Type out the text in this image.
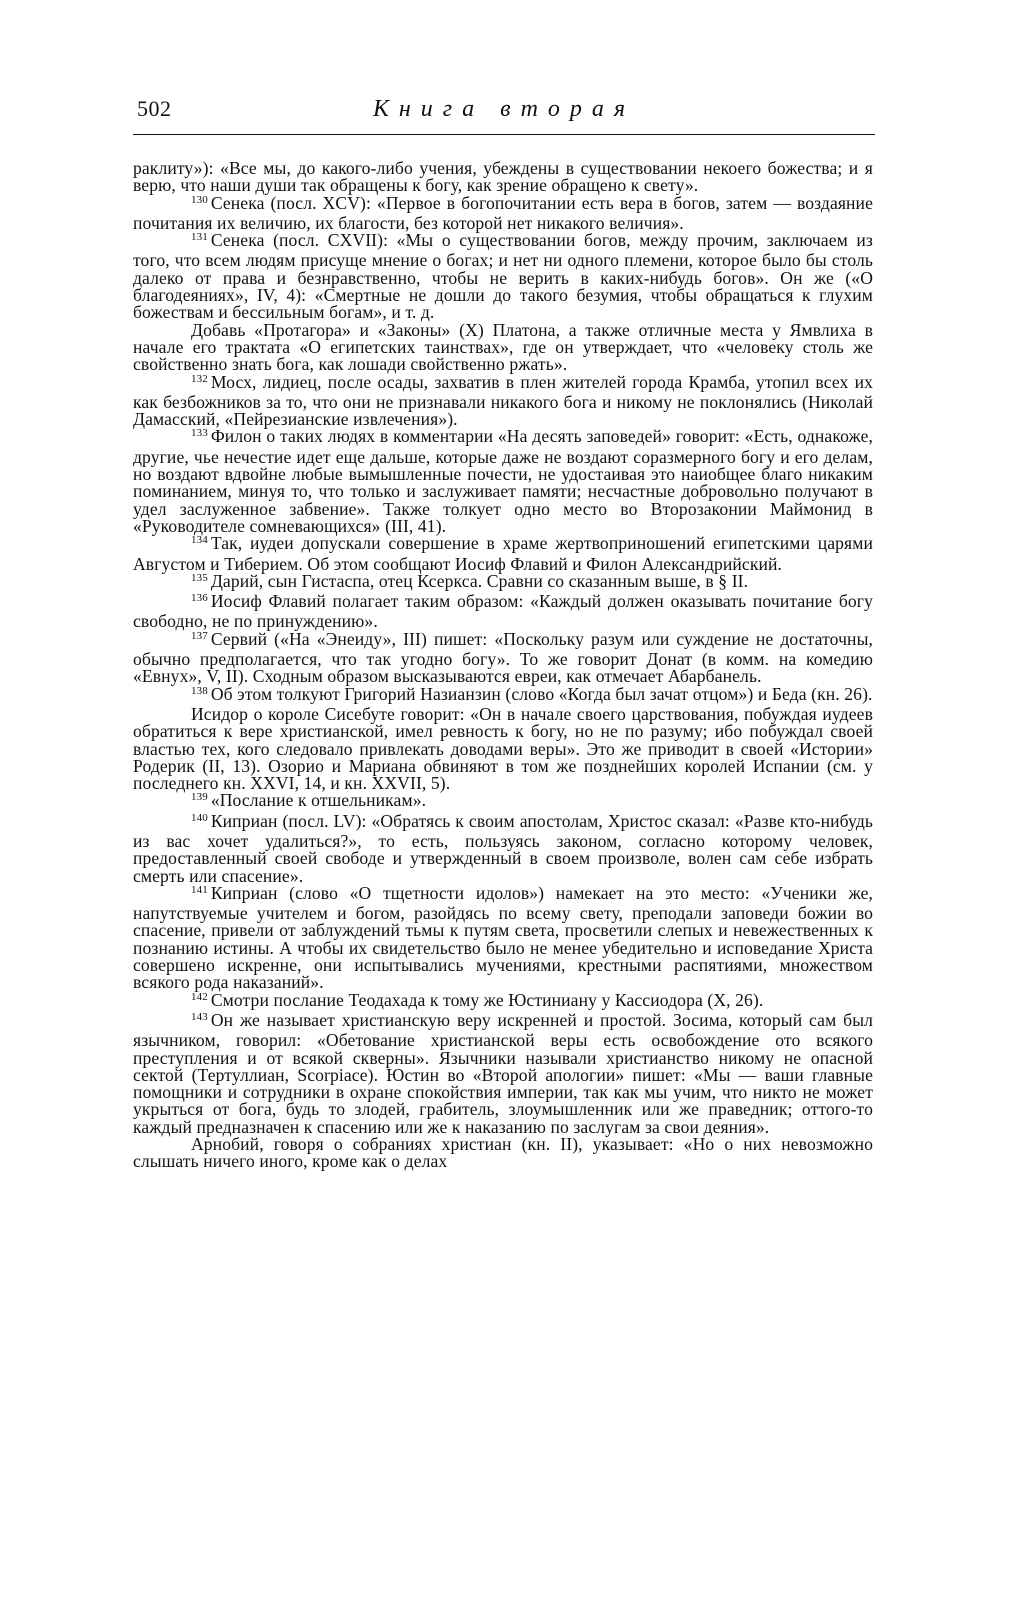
502	Книга вторая

раклиту»): «Все мы, до какого-либо учения, убеждены в существовании некоего божества; и я верю, что наши души так обращены к богу, как зрение обращено к свету».

$^{130}$ Сенека (посл. XCV): «Первое в богопочитании есть вера в богов, затем — воздаяние почитания их величию, их благости, без которой нет никакого величия».

$^{131}$ Сенека (посл. CXVII): «Мы о существовании богов, между прочим, заключаем из того, что всем людям присуще мнение о богах; и нет ни одного племени, которое было бы столь далеко от права и безнравственно, чтобы не верить в каких-нибудь богов». Он же («О благодеяниях», IV, 4): «Смертные не дошли до такого безумия, чтобы обращаться к глухим божествам и бессильным богам», и т. д.

Добавь «Протагора» и «Законы» (X) Платона, а также отличные места у Ямвлиха в начале его трактата «О египетских таинствах», где он утверждает, что «человеку столь же свойственно знать бога, как лошади свойственно ржать».

$^{132}$ Мосх, лидиец, после осады, захватив в плен жителей города Крамба, утопил всех их как безбожников за то, что они не признавали никакого бога и никому не поклонялись (Николай Дамасский, «Пейрезианские извлечения»).

$^{133}$ Филон о таких людях в комментарии «На десять заповедей» говорит: «Есть, однакоже, другие, чье нечестие идет еще дальше, которые даже не воздают соразмерного богу и его делам, но воздают вдвойне любые вымышленные почести, не удостаивая это наиобщее благо никаким поминанием, минуя то, что только и заслуживает памяти; несчастные добровольно получают в удел заслуженное забвение». Также толкует одно место во Второзаконии Маймонид в «Руководителе сомневающихся» (III, 41).

$^{134}$ Так, иудеи допускали совершение в храме жертвоприношений египетскими царями Августом и Тиберием. Об этом сообщают Иосиф Флавий и Филон Александрийский.

$^{135}$ Дарий, сын Гистаспа, отец Ксеркса. Сравни со сказанным выше, в § II.

$^{136}$ Иосиф Флавий полагает таким образом: «Каждый должен оказывать почитание богу свободно, не по принуждению».

$^{137}$ Сервий («На «Энеиду», III) пишет: «Поскольку разум или суждение не достаточны, обычно предполагается, что так угодно богу». То же говорит Донат (в комм. на комедию «Евнух», V, II). Сходным образом высказываются евреи, как отмечает Абарбанель.

$^{138}$ Об этом толкуют Григорий Назианзин (слово «Когда был зачат отцом») и Беда (кн. 26).

Исидор о короле Сисебуте говорит: «Он в начале своего царствования, побуждая иудеев обратиться к вере христианской, имел ревность к богу, но не по разуму; ибо побуждал своей властью тех, кого следовало привлекать доводами веры». Это же приводит в своей «Истории» Родерик (II, 13). Озорио и Мариана обвиняют в том же позднейших королей Испании (см. у последнего кн. XXVI, 14, и кн. XXVII, 5).

$^{139}$ «Послание к отшельникам».

$^{140}$ Киприан (посл. LV): «Обратясь к своим апостолам, Христос сказал: «Разве кто-нибудь из вас хочет удалиться?», то есть, пользуясь законом, согласно которому человек, предоставленный своей свободе и утвержденный в своем произволе, волен сам себе избрать смерть или спасение».

$^{141}$ Киприан (слово «О тщетности идолов») намекает на это место: «Ученики же, напутствуемые учителем и богом, разойдясь по всему свету, преподали заповеди божии во спасение, привели от заблуждений тьмы к путям света, просветили слепых и невежественных к познанию истины. А чтобы их свидетельство было не менее убедительно и исповедание Христа совершено искренне, они испытывались мучениями, крестными распятиями, множеством всякого рода наказаний».

$^{142}$ Смотри послание Теодахада к тому же Юстиниану у Кассиодора (X, 26).

$^{143}$ Он же называет христианскую веру искренней и простой. Зосима, который сам был язычником, говорил: «Обетование христианской веры есть освобождение ото всякого преступления и от всякой скверны». Язычники называли христианство никому не опасной сектой (Тертуллиан, Scorpiace). Юстин во «Второй апологии» пишет: «Мы — ваши главные помощники и сотрудники в охране спокойствия империи, так как мы учим, что никто не может укрыться от бога, будь то злодей, грабитель, злоумышленник или же праведник; оттого-то каждый предназначен к спасению или же к наказанию по заслугам за свои деяния».

Арнобий, говоря о собраниях христиан (кн. II), указывает: «Но о них невозможно слышать ничего иного, кроме как о делах
